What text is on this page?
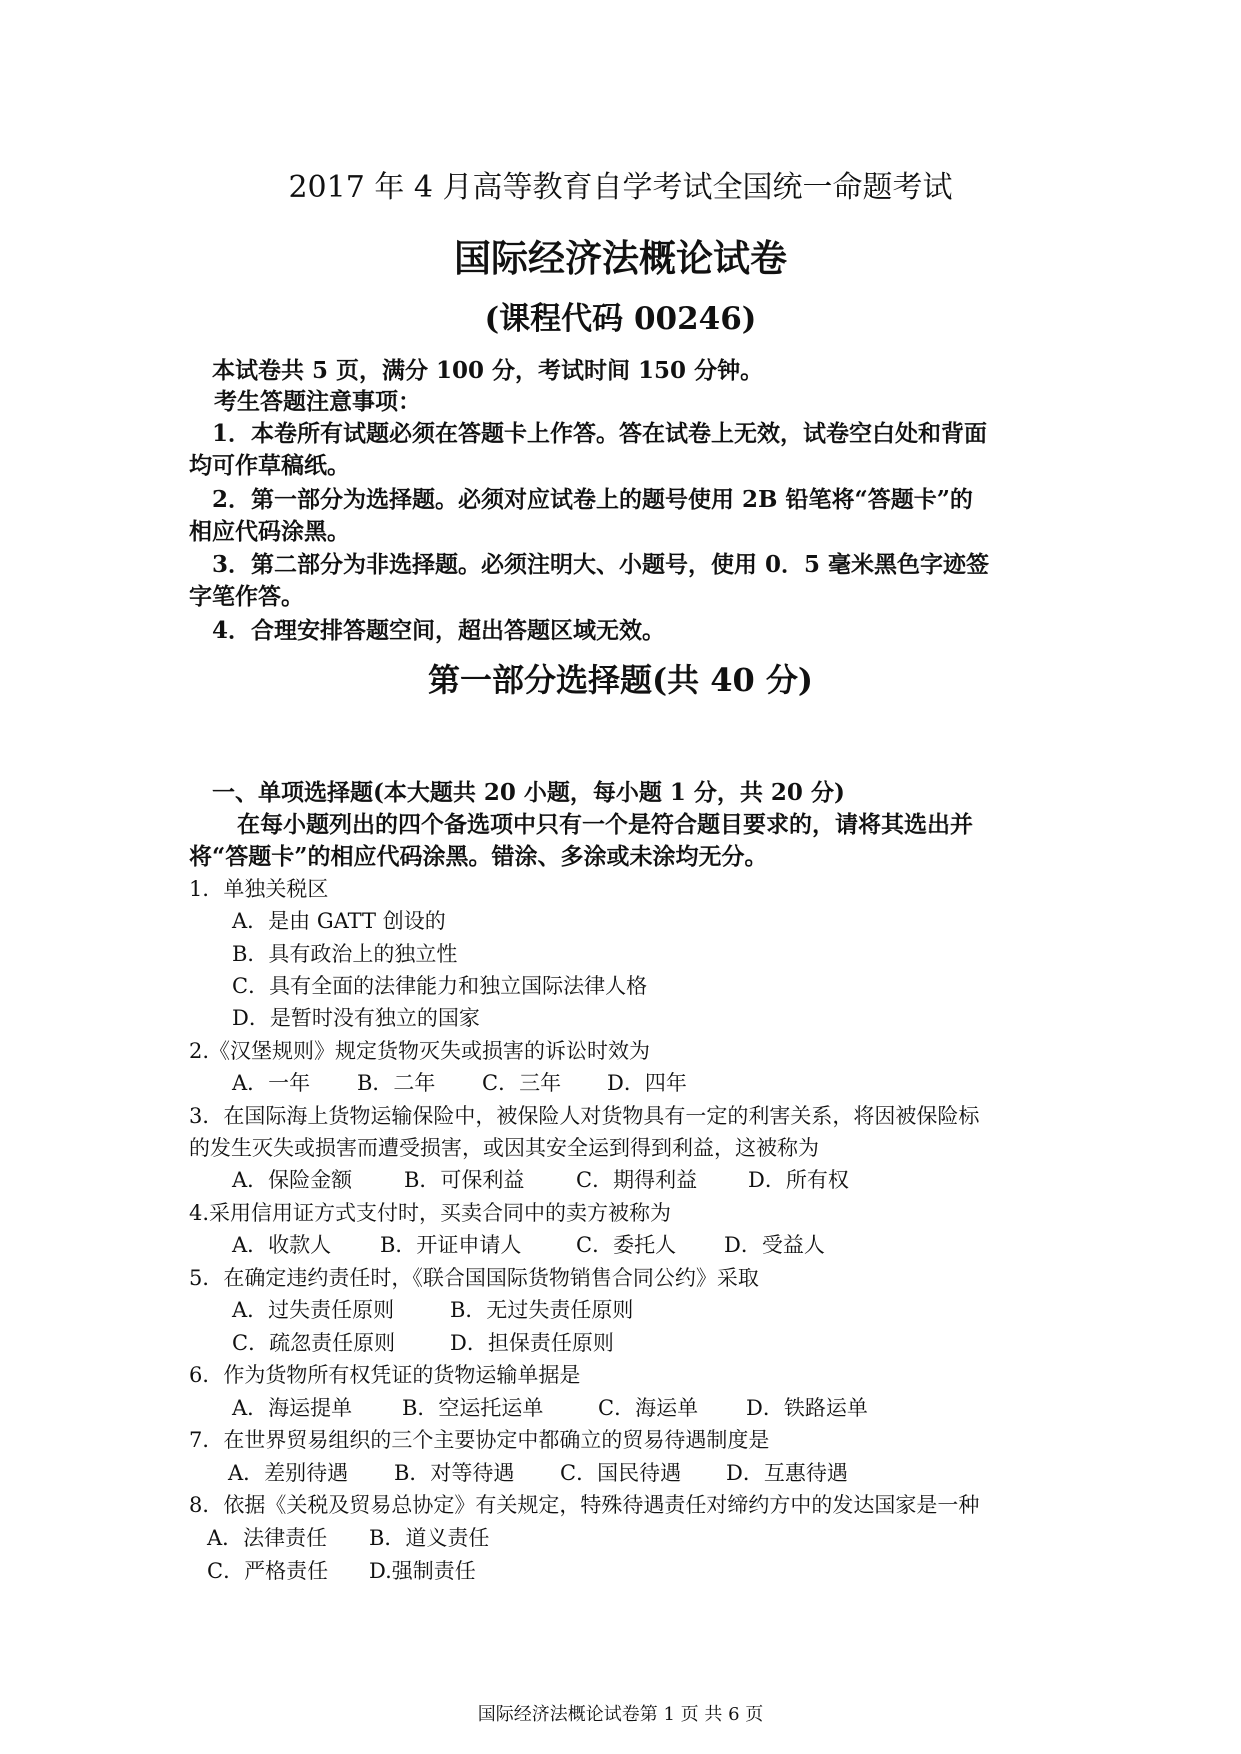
2017 年 4 月高等教育自学考试全国统一命题考试
国际经济法概论试卷
(课程代码 00246)
本试卷共 5 页，满分 100 分，考试时间 150 分钟。
考生答题注意事项：
1．本卷所有试题必须在答题卡上作答。答在试卷上无效，试卷空白处和背面
均可作草稿纸。
2．第一部分为选择题。必须对应试卷上的题号使用 2B 铅笔将“答题卡”的
相应代码涂黑。
3．第二部分为非选择题。必须注明大、小题号，使用 0．5 毫米黑色字迹签
字笔作答。
4．合理安排答题空间，超出答题区域无效。
第一部分选择题(共 40 分)
一、单项选择题(本大题共 20 小题，每小题 1 分，共 20 分)
在每小题列出的四个备选项中只有一个是符合题目要求的，请将其选出并
将“答题卡”的相应代码涂黑。错涂、多涂或未涂均无分。
1．单独关税区
A．是由 GATT 创设的
B．具有政治上的独立性
C．具有全面的法律能力和独立国际法律人格
D．是暂时没有独立的国家
2.《汉堡规则》规定货物灭失或损害的诉讼时效为
A．一年 B．二年 C．三年 D．四年
3．在国际海上货物运输保险中，被保险人对货物具有一定的利害关系，将因被保险标
的发生灭失或损害而遭受损害，或因其安全运到得到利益，这被称为
A．保险金额 B．可保利益 C．期得利益 D．所有权
4.采用信用证方式支付时，买卖合同中的卖方被称为
A．收款人 B．开证申请人	C．委托人 D．受益人
5．在确定违约责任时，《联合国国际货物销售合同公约》采取
A．过失责任原则	B．无过失责任原则
C．疏忽责任原则	D．担保责任原则
6．作为货物所有权凭证的货物运输单据是
A．海运提单 B．空运托运单	C．海运单 D．铁路运单
7．在世界贸易组织的三个主要协定中都确立的贸易待遇制度是
A．差别待遇 B．对等待遇 C．国民待遇 D．互惠待遇
8．依据《关税及贸易总协定》有关规定，特殊待遇责任对缔约方中的发达国家是一种
A．法律责任 B．道义责任
C．严格责任 D.强制责任
国际经济法概论试卷第 1 页 共 6 页
